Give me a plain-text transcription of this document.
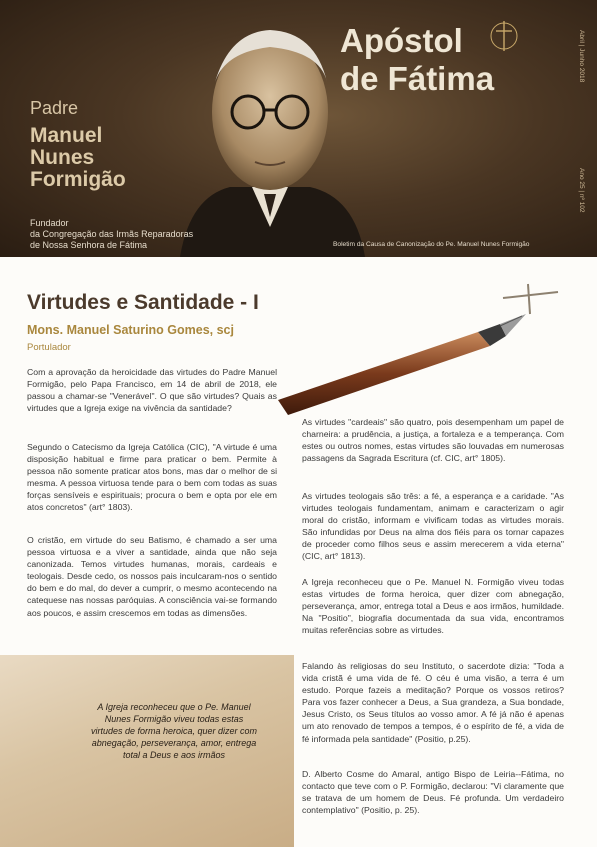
Padre
Manuel
Nunes
Formigão
Fundador
da Congregação das Irmãs Reparadoras
de Nossa Senhora de Fátima
Apóstol
de Fátima	Abril | Junho 2018
Ano 25 | nº 102
Boletim da Causa de Canonização do Pe. Manuel Nunes Formigão
Virtudes e Santidade - I
Mons. Manuel Saturino Gomes, scj
Portulador

Com a aprovação da heroicidade das virtudes do Padre Manuel Formigão, pelo Papa Francisco, em 14 de abril de 2018, ele passou a chamar-se "Venerável". O que são virtudes? Quais as virtudes que a Igreja exige na vivência da santidade?

Segundo o Catecismo da Igreja Católica (CIC), "A virtude é uma disposição habitual e firme para praticar o bem. Permite à pessoa não somente praticar atos bons, mas dar o melhor de si mesma. A pessoa virtuosa tende para o bem com todas as suas forças sensíveis e espirituais; procura o bem e opta por ele em atos concretos" (art° 1803).

O cristão, em virtude do seu Batismo, é chamado a ser uma pessoa virtuosa e a viver a santidade, ainda que não seja canonizada. Temos virtudes humanas, morais, cardeais e teologais. Desde cedo, os nossos pais inculcaram-nos o sentido do bem e do mal, do dever a cumprir, o mesmo acontecendo na catequese nas nossas paróquias. A consciência vai-se formando aos poucos, e assim crescemos em todas as dimensões.

As virtudes "cardeais" são quatro, pois desempenham um papel de charneira: a prudência, a justiça, a fortaleza e a temperança. Com estes ou outros nomes, estas virtudes são louvadas em numerosas passagens da Sagrada Escritura (cf. CIC, art° 1805).

As virtudes teologais são três: a fé, a esperança e a caridade. "As virtudes teologais fundamentam, animam e caracterizam o agir moral do cristão, informam e vivificam todas as virtudes morais. São infundidas por Deus na alma dos fiéis para os tornar capazes de proceder como filhos seus e assim merecerem a vida eterna" (CIC, art° 1813).

A Igreja reconheceu que o Pe. Manuel N. Formigão viveu todas estas virtudes de forma heroica, quer dizer com abnegação, perseverança, amor, entrega total a Deus e aos irmãos, humildade. Na "Positio", biografia documentada da sua vida, encontramos muitas referências sobre as virtudes.

Falando às religiosas do seu Instituto, o sacerdote dizia: "Toda a vida cristã é uma vida de fé. O céu é uma visão, a terra é um estudo. Porque fazeis a meditação? Porque os vossos retiros? Para vos fazer conhecer a Deus, a Sua grandeza, a Sua bondade, Jesus Cristo, os Seus títulos ao vosso amor. A fé já não é apenas um ato renovado de tempos a tempos, é o espírito de fé, a vida de fé informada pela santidade" (Positio, p.25).

D. Alberto Cosme do Amaral, antigo Bispo de Leiria--Fátima, no contacto que teve com o P. Formigão, declarou: "Vi claramente que se tratava de um homem de Deus. Fé profunda. Um verdadeiro contemplativo" (Positio, p. 25).

A Igreja reconheceu que o Pe. Manuel Nunes Formigão viveu todas estas virtudes de forma heroica, quer dizer com abnegação, perseverança, amor, entrega total a Deus e aos irmãos
